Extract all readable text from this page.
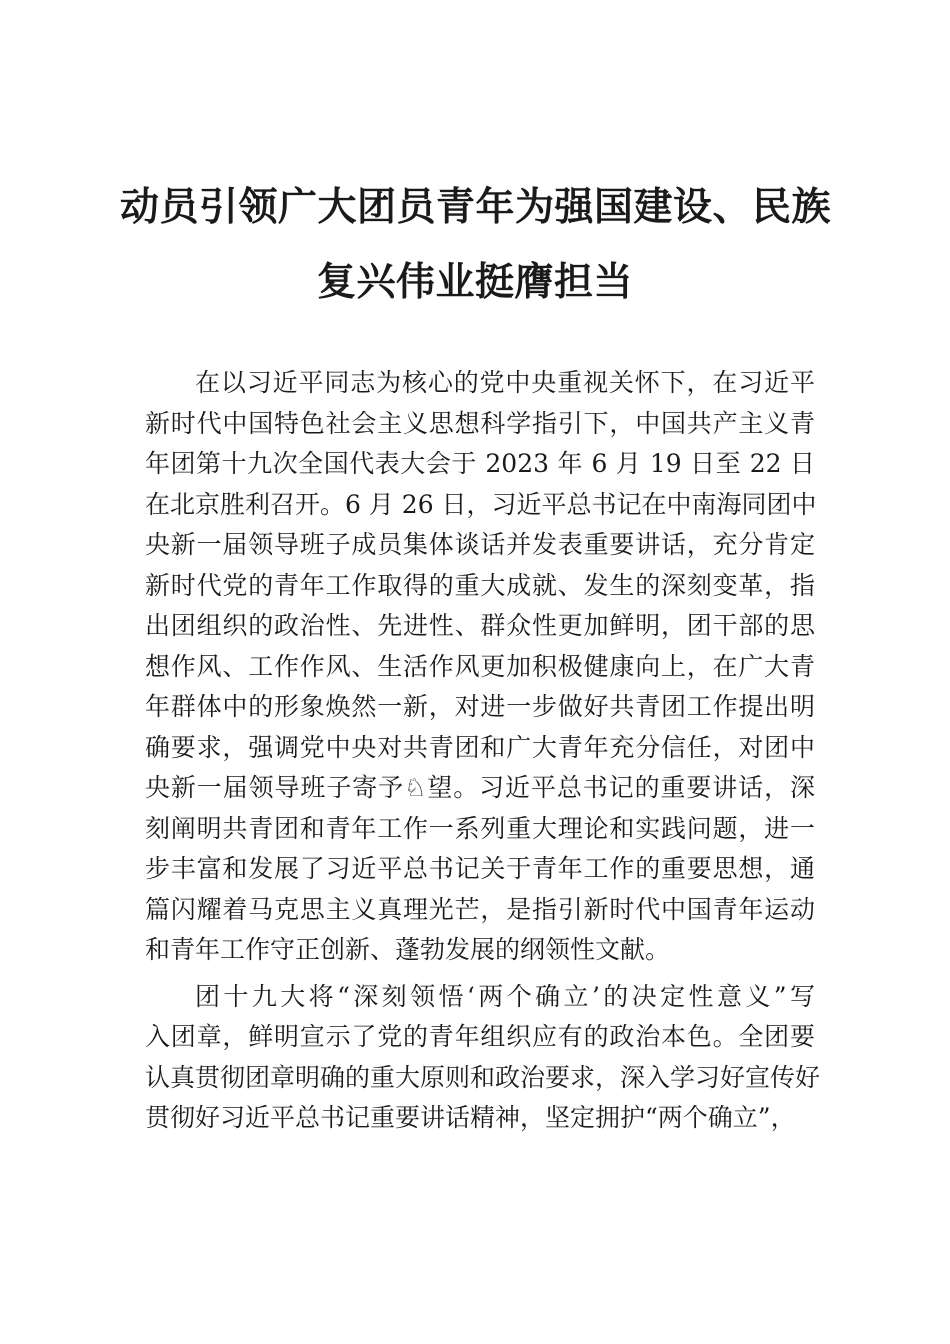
动员引领广大团员青年为强国建设、民族
复兴伟业挺膺担当
在以习近平同志为核心的党中央重视关怀下，在习近平
新时代中国特色社会主义思想科学指引下，中国共产主义青
年团第十九次全国代表大会于 2023 年 6 月 19 日至 22 日
在北京胜利召开。6 月 26 日，习近平总书记在中南海同团中
央新一届领导班子成员集体谈话并发表重要讲话，充分肯定
新时代党的青年工作取得的重大成就、发生的深刻变革，指
出团组织的政治性、先进性、群众性更加鲜明，团干部的思
想作风、工作作风、生活作风更加积极健康向上，在广大青
年群体中的形象焕然一新，对进一步做好共青团工作提出明
确要求，强调党中央对共青团和广大青年充分信任，对团中
央新一届领导班子寄予♘望。习近平总书记的重要讲话，深
刻阐明共青团和青年工作一系列重大理论和实践问题，进一
步丰富和发展了习近平总书记关于青年工作的重要思想，通
篇闪耀着马克思主义真理光芒，是指引新时代中国青年运动
和青年工作守正创新、蓬勃发展的纲领性文献。
团十九大将“深刻领悟‘两个确立’的决定性意义”写
入团章，鲜明宣示了党的青年组织应有的政治本色。全团要
认真贯彻团章明确的重大原则和政治要求，深入学习好宣传好
贯彻好习近平总书记重要讲话精神，坚定拥护“两个确立”，
